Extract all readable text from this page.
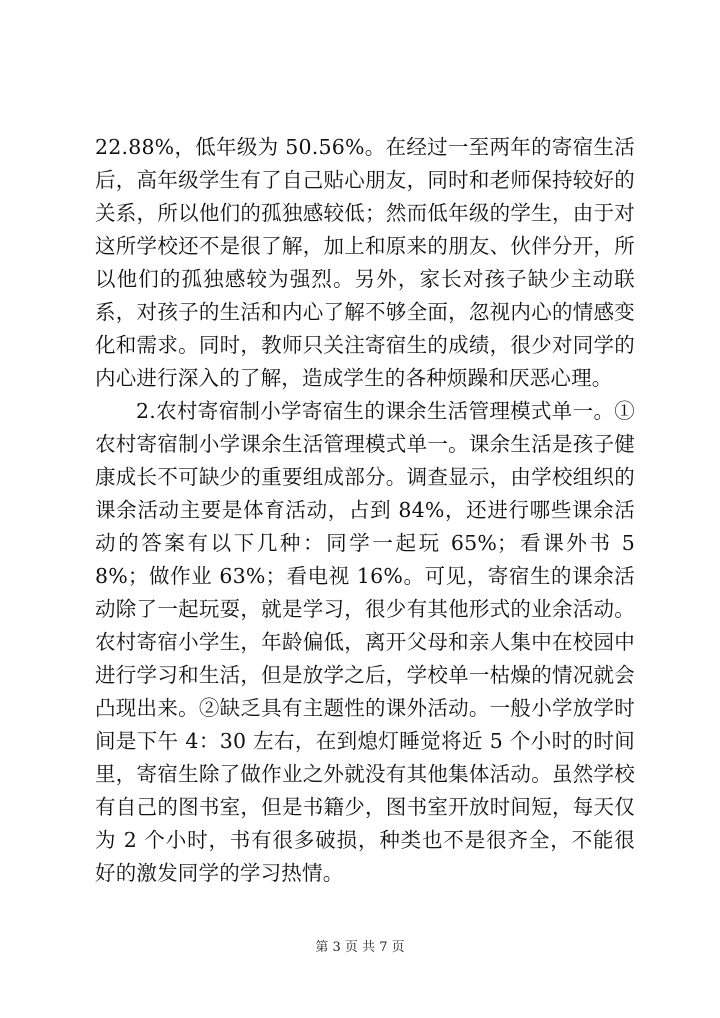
22.88%，低年级为 50.56%。在经过一至两年的寄宿生活后，高年级学生有了自己贴心朋友，同时和老师保持较好的关系，所以他们的孤独感较低；然而低年级的学生，由于对这所学校还不是很了解，加上和原来的朋友、伙伴分开，所以他们的孤独感较为强烈。另外，家长对孩子缺少主动联系，对孩子的生活和内心了解不够全面，忽视内心的情感变化和需求。同时，教师只关注寄宿生的成绩，很少对同学的内心进行深入的了解，造成学生的各种烦躁和厌恶心理。

2.农村寄宿制小学寄宿生的课余生活管理模式单一。①农村寄宿制小学课余生活管理模式单一。课余生活是孩子健康成长不可缺少的重要组成部分。调查显示，由学校组织的课余活动主要是体育活动，占到 84%，还进行哪些课余活动的答案有以下几种：同学一起玩 65%；看课外书 58%；做作业 63%；看电视 16%。可见，寄宿生的课余活动除了一起玩耍，就是学习，很少有其他形式的业余活动。农村寄宿小学生，年龄偏低，离开父母和亲人集中在校园中进行学习和生活，但是放学之后，学校单一枯燥的情况就会凸现出来。②缺乏具有主题性的课外活动。一般小学放学时间是下午 4：30 左右，在到熄灯睡觉将近 5 个小时的时间里，寄宿生除了做作业之外就没有其他集体活动。虽然学校有自己的图书室，但是书籍少，图书室开放时间短，每天仅为 2 个小时，书有很多破损，种类也不是很齐全，不能很好的激发同学的学习热情。

第 3 页 共 7 页
